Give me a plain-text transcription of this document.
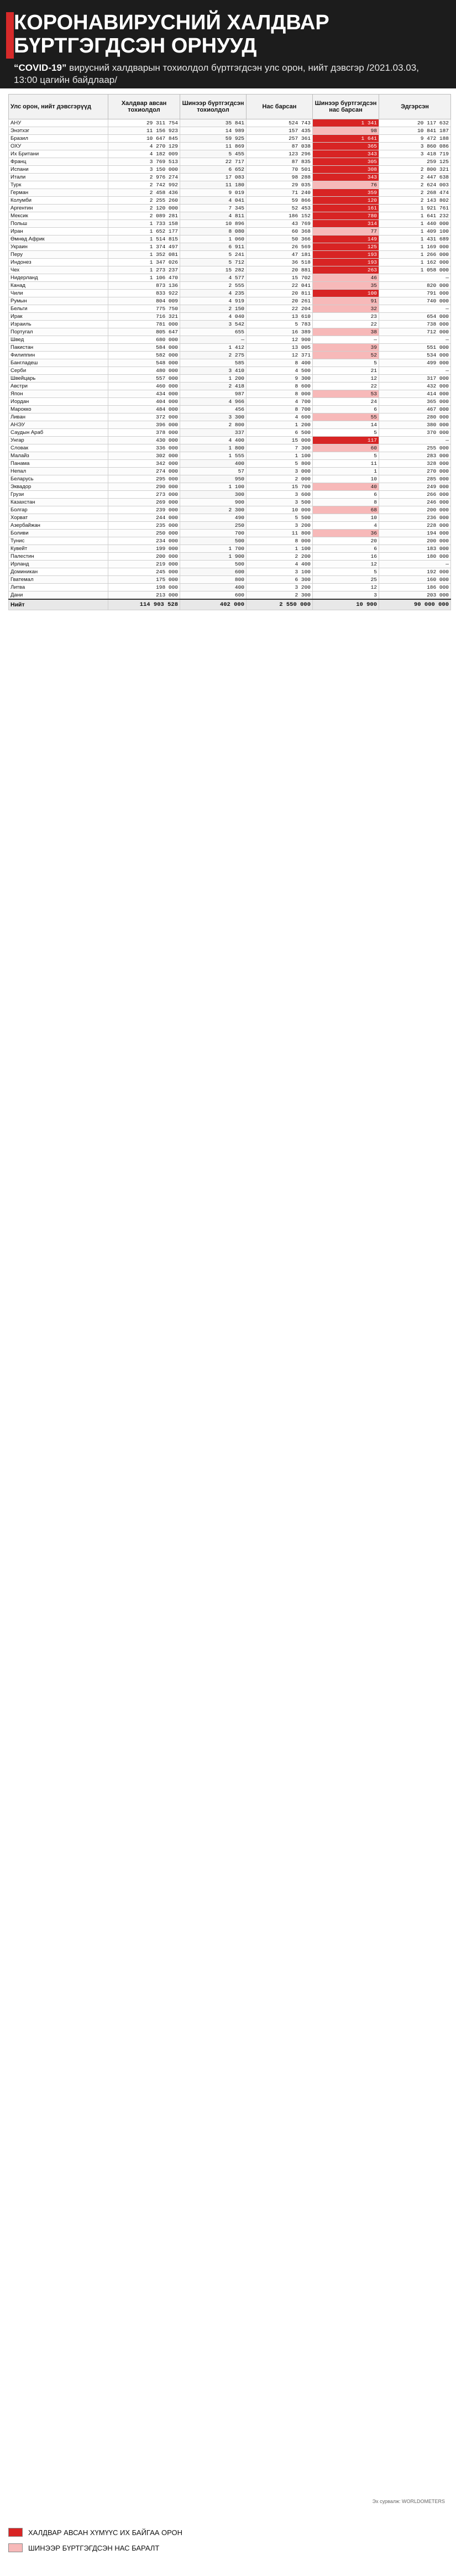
КОРОНАВИРУСНИЙ ХАЛДВАР
БҮРТГЭГДСЭН ОРНУУД
“COVID-19” вирусний халдварын тохиолдол бүртгэгдсэн улс орон, нийт дэвсгэр /2021.03.03, 13:00 цагийн байдлаар/
Улс орон, нийт дэвсгэрүүд	Халдвар авсан тохиолдол	Шинээр бүртгэгдсэн тохиолдол	Нас барсан	Шинээр бүртгэгдсэн нас барсан	Эдгэрсэн
АНУ	29 311 754	35 841	524 743	1 341	20 117 632
Энэтхэг	11 156 923	14 989	157 435	98	10 841 187
Бразил	10 647 845	59 925	257 361	1 641	9 472 188
ОХУ	4 270 129	11 869	87 038	365	3 860 086
Их Британи	4 182 009	5 455	123 296	343	3 418 719
Франц	3 769 513	22 717	87 835	305	259 125
Испани	3 150 000	6 652	70 501	308	2 800 321
Итали	2 976 274	17 083	98 288	343	2 447 638
Турк	2 742 992	11 180	29 035	76	2 624 003
Герман	2 458 436	9 019	71 240	359	2 268 474
Колумби	2 255 260	4 041	59 866	120	2 143 802
Аргентин	2 120 000	7 345	52 453	161	1 921 761
Мексик	2 089 281	4 811	186 152	780	1 641 232
Польш	1 733 158	10 896	43 769	314	1 440 000
Иран	1 652 177	8 080	60 368	77	1 409 100
Өмнөд Африк	1 514 815	1 060	50 366	149	1 431 689
Украин	1 374 497	6 911	26 569	125	1 169 000
Перу	1 352 081	5 241	47 181	193	1 266 000
Индонез	1 347 026	5 712	36 518	193	1 162 000
Чех	1 273 237	15 282	20 881	263	1 058 000
Нидерланд	1 106 470	4 577	15 702	46	—
Канад	873 136	2 555	22 041	35	820 000
Чили	833 922	4 235	20 811	100	791 000
Румын	804 009	4 919	20 261	91	740 000
Бельги	775 750	2 150	22 204	32	—
Ирак	716 321	4 040	13 610	23	654 000
Израиль	781 000	3 542	5 783	22	738 000
Португал	805 647	655	16 389	38	712 000
Швед	680 000	—	12 900	—	—
Пакистан	584 000	1 412	13 005	39	551 000
Филиппин	582 000	2 275	12 371	52	534 000
Бангладеш	548 000	585	8 400	5	499 000
Серби	480 000	3 410	4 500	21	—
Швейцарь	557 000	1 200	9 300	12	317 000
Австри	460 000	2 418	8 600	22	432 000
Япон	434 000	987	8 000	53	414 000
Иордан	404 000	4 966	4 700	24	365 000
Марокко	484 000	456	8 700	6	467 000
Ливан	372 000	3 300	4 600	55	280 000
АНЭУ	396 000	2 800	1 200	14	380 000
Саудын Араб	378 000	337	6 500	5	370 000
Унгар	430 000	4 400	15 000	117	—
Словак	336 000	1 800	7 300	60	255 000
Малайз	302 000	1 555	1 100	5	283 000
Панама	342 000	400	5 800	11	328 000
Непал	274 000	57	3 000	1	270 000
Беларусь	295 000	950	2 000	10	285 000
Эквадор	290 000	1 100	15 700	40	249 000
Грузи	273 000	300	3 600	6	266 000
Казахстан	269 000	900	3 500	8	246 000
Болгар	239 000	2 300	10 000	68	200 000
Хорват	244 000	490	5 500	10	236 000
Азербайжан	235 000	250	3 200	4	228 000
Боливи	250 000	700	11 800	36	194 000
Тунис	234 000	500	8 000	20	200 000
Кувейт	199 000	1 700	1 100	6	183 000
Палестин	200 000	1 900	2 200	16	180 000
Ирланд	219 000	500	4 400	12	—
Доминикан	245 000	600	3 100	5	192 000
Гватемал	175 000	800	6 300	25	160 000
Литва	198 000	400	3 200	12	186 000
Дани	213 000	600	2 300	3	203 000
Нийт	114 903 528	402 000	2 550 000	10 900	90 000 000
Эх сурвалж: WORLDOMETERS
ХАЛДВАР АВСАН ХҮМҮҮС ИХ БАЙГАА ОРОН
ШИНЭЭР БҮРТГЭГДСЭН НАС БАРАЛТ
